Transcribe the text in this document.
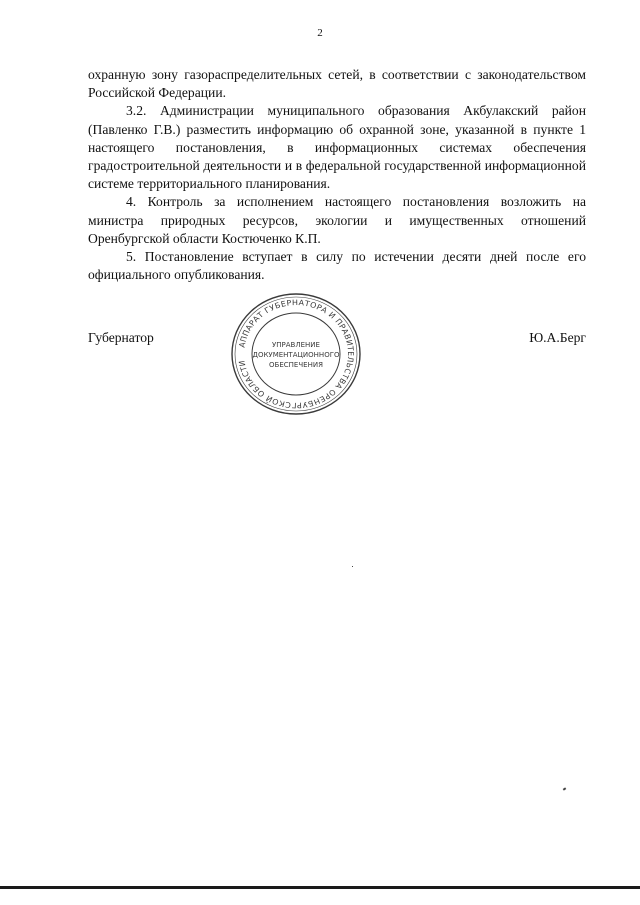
2

охранную зону газораспределительных сетей, в соответствии с законодательством Российской Федерации.

3.2. Администрации муниципального образования Акбулакский район (Павленко Г.В.) разместить информацию об охранной зоне, указанной в пункте 1 настоящего постановления, в информационных системах обеспечения градостроительной деятельности и в федеральной государственной информационной системе территориального планирования.

4. Контроль за исполнением настоящего постановления возложить на министра природных ресурсов, экологии и имущественных отношений Оренбургской области Костюченко К.П.

5. Постановление вступает в силу по истечении десяти дней после его официального опубликования.

Губернатор	Ю.А.Берг
АППАРАТ ГУБЕРНАТОРА И ПРАВИТЕЛЬСТВА ОРЕНБУРГСКОЙ ОБЛАСТИ
УПРАВЛЕНИЕ
ДОКУМЕНТАЦИОННОГО
ОБЕСПЕЧЕНИЯ
